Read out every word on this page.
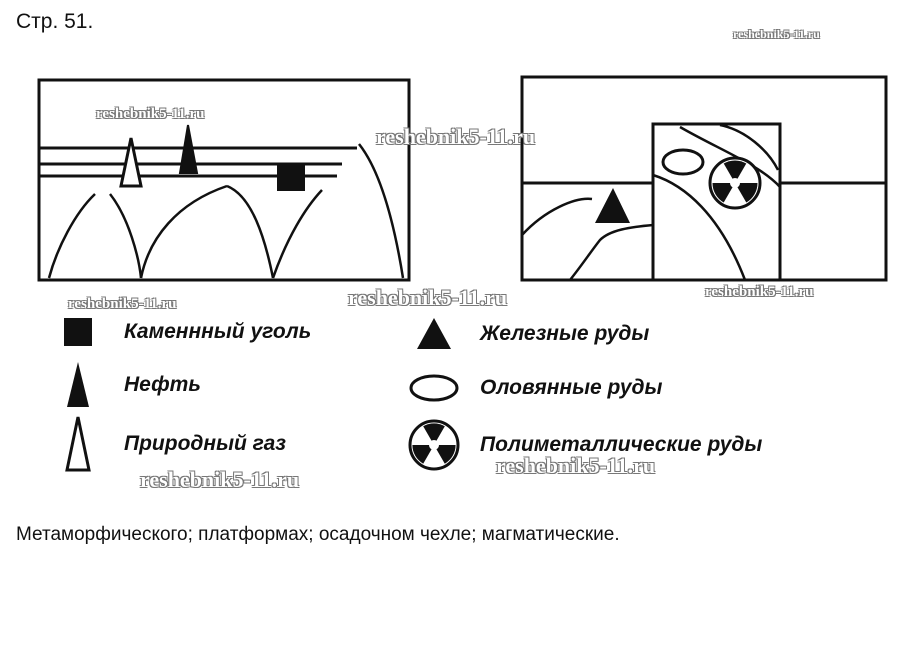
Стр. 51.
Каменнный уголь
Нефть
Природный газ
Железные руды
Оловянные руды
Полиметаллические руды
Метаморфического; платформах; осадочном чехле; магматические.
reshebnik5-11.ru
reshebnik5-11.ru
reshebnik5-11.ru
reshebnik5-11.ru	reshebnik5-11.ru	reshebnik5-11.ru
reshebnik5-11.ru
reshebnik5-11.ru
